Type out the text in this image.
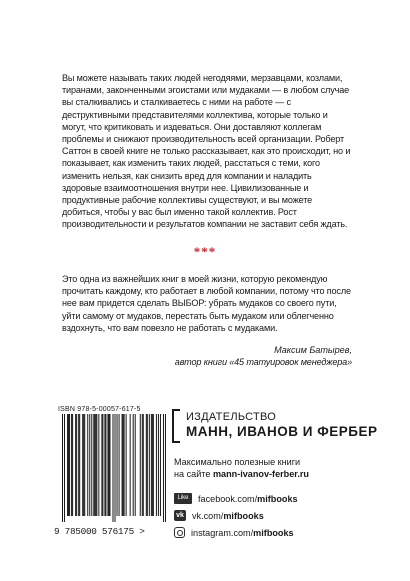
Вы можете называть таких людей негодяями, мерзавцами, козлами, тиранами, законченными эгоистами или мудаками — в любом случае вы сталкивались и сталкиваетесь с ними на работе — с деструктивными представителями коллектива, которые только и могут, что критиковать и издеваться. Они доставляют коллегам проблемы и снижают производительность всей организации. Роберт Саттон в своей книге не только рассказывает, как это происходит, но и показывает, как изменить таких людей, расстаться с теми, кого изменить нельзя, как снизить вред для компании и наладить здоровые взаимоотношения внутри нее. Цивилизованные и продуктивные рабочие коллективы существуют, и вы можете добиться, чтобы у вас был именно такой коллектив. Рост производительности и результатов компании не заставит себя ждать.

***

Это одна из важнейших книг в моей жизни, которую рекомендую прочитать каждому, кто работает в любой компании, потому что после нее вам придется сделать ВЫБОР: убрать мудаков со своего пути, уйти самому от мудаков, перестать быть мудаком или облегченно вздохнуть, что вам повезло не работать с мудаками.

Максим Батырев,
автор книги «45 татуировок менеджера»
ISBN 978-5-00057-617-5
9 785000 576175 >
ИЗДАТЕЛЬСТВО
МАНН, ИВАНОВ И ФЕРБЕР
Максимально полезные книги
на сайте mann-ivanov-ferber.ru
Like	facebook.com/ mifbooks
vk vk.com/ mifbooks
instagram.com/ mifbooks
